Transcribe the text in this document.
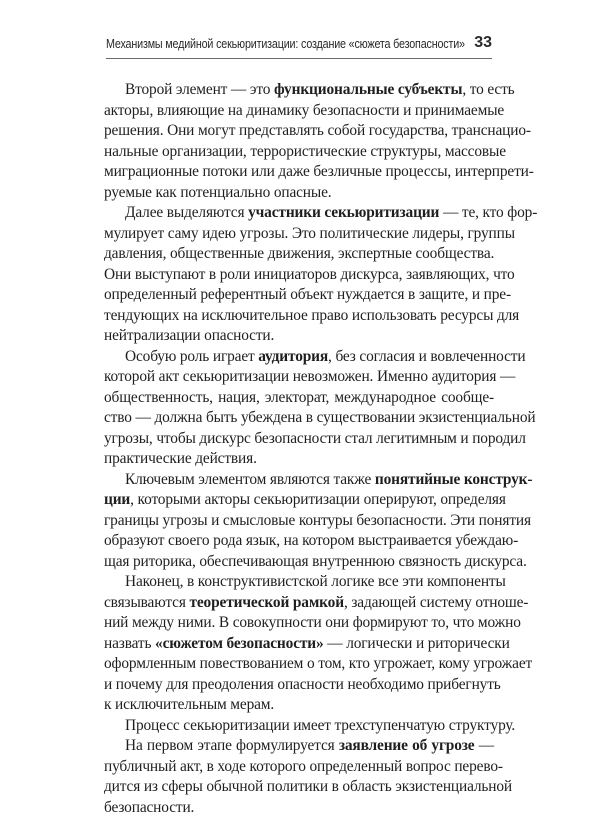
Механизмы медийной секьюритизации: создание «сюжета безопасности» 33
Второй элемент — это функциональные субъекты, то есть
акторы, влияющие на динамику безопасности и принимаемые
решения. Они могут представлять собой государства, транснацио-
нальные организации, террористические структуры, массовые
миграционные потоки или даже безличные процессы, интерпрети-
руемые как потенциально опасные.
Далее выделяются участники секьюритизации — те, кто фор-
мулирует саму идею угрозы. Это политические лидеры, группы
давления, общественные движения, экспертные сообщества.
Они выступают в роли инициаторов дискурса, заявляющих, что
определенный референтный объект нуждается в защите, и пре-
тендующих на исключительное право использовать ресурсы для
нейтрализации опасности.
Особую роль играет аудитория, без согласия и вовлеченности
которой акт секьюритизации невозможен. Именно аудитория —
общественность, нация, электорат, международное сообще-
ство — должна быть убеждена в существовании экзистенциальной
угрозы, чтобы дискурс безопасности стал легитимным и породил
практические действия.
Ключевым элементом являются также понятийные конструк-
ции, которыми акторы секьюритизации оперируют, определяя
границы угрозы и смысловые контуры безопасности. Эти понятия
образуют своего рода язык, на котором выстраивается убеждаю-
щая риторика, обеспечивающая внутреннюю связность дискурса.
Наконец, в конструктивистской логике все эти компоненты
связываются теоретической рамкой, задающей систему отноше-
ний между ними. В совокупности они формируют то, что можно
назвать «сюжетом безопасности» — логически и риторически
оформленным повествованием о том, кто угрожает, кому угрожает
и почему для преодоления опасности необходимо прибегнуть
к исключительным мерам.
Процесс секьюритизации имеет трехступенчатую структуру.
На первом этапе формулируется заявление об угрозе —
публичный акт, в ходе которого определенный вопрос перево-
дится из сферы обычной политики в область экзистенциальной
безопасности.
